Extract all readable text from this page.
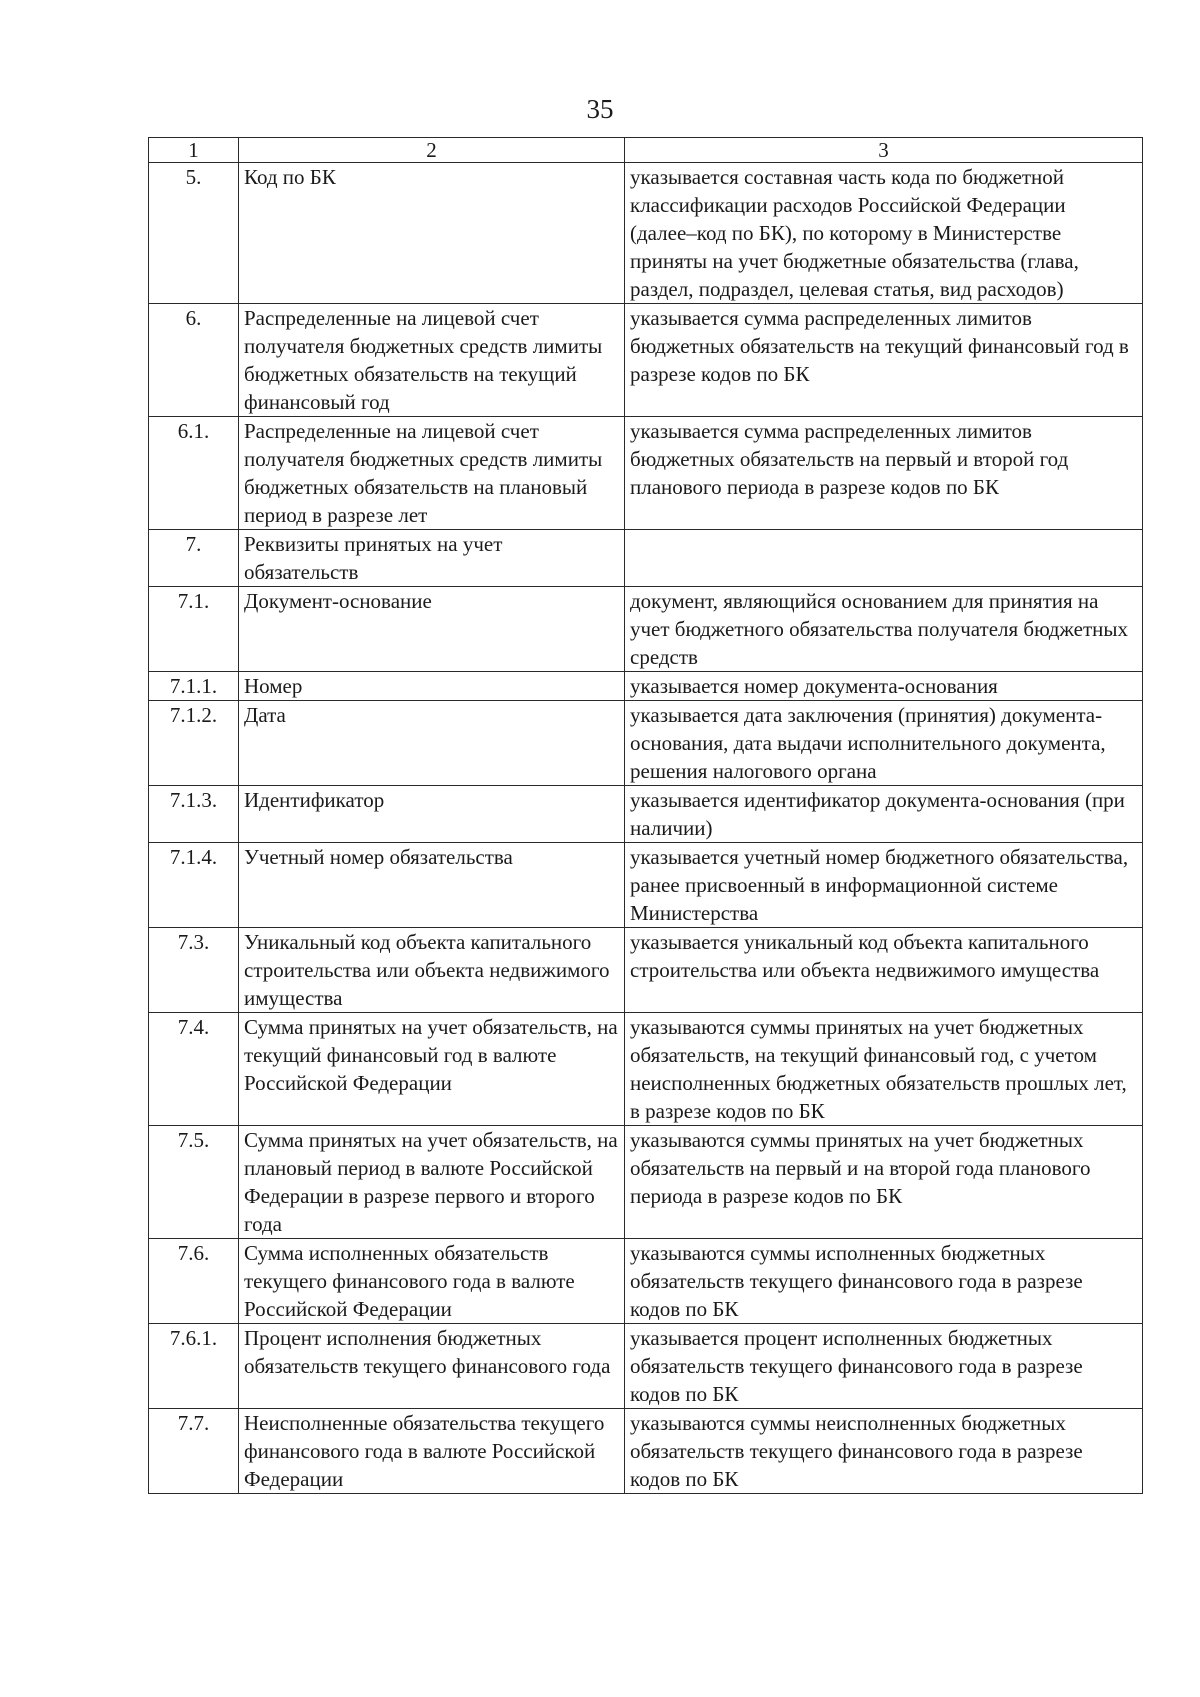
35
1	2	3
5.	Код по БК	указывается составная часть кода по бюджетной классификации расходов Российской Федерации (далее–код по БК), по которому в Министерстве приняты на учет бюджетные обязательства (глава, раздел, подраздел, целевая статья, вид расходов)
6.	Распределенные на лицевой счет получателя бюджетных средств лимиты бюджетных обязательств на текущий финансовый год	указывается сумма распределенных лимитов бюджетных обязательств на текущий финансовый год в разрезе кодов по БК
6.1.	Распределенные на лицевой счет получателя бюджетных средств лимиты бюджетных обязательств на плановый период в разрезе лет	указывается сумма распределенных лимитов бюджетных обязательств на первый и второй год планового периода в разрезе кодов по БК
7.	Реквизиты принятых на учет обязательств	
7.1.	Документ-основание	документ, являющийся основанием для принятия на учет бюджетного обязательства получателя бюджетных средств
7.1.1.	Номер	указывается номер документа-основания
7.1.2.	Дата	указывается дата заключения (принятия) документа-основания, дата выдачи исполнительного документа, решения налогового органа
7.1.3.	Идентификатор	указывается идентификатор документа-основания (при наличии)
7.1.4.	Учетный номер обязательства	указывается учетный номер бюджетного обязательства, ранее присвоенный в информационной системе Министерства
7.3.	Уникальный код объекта капитального строительства или объекта недвижимого имущества	указывается уникальный код объекта капитального строительства или объекта недвижимого имущества
7.4.	Сумма принятых на учет обязательств, на текущий финансовый год в валюте Российской Федерации	указываются суммы принятых на учет бюджетных обязательств, на текущий финансовый год, с учетом неисполненных бюджетных обязательств прошлых лет, в разрезе кодов по БК
7.5.	Сумма принятых на учет обязательств, на плановый период в валюте Российской Федерации в разрезе первого и второго года	указываются суммы принятых на учет бюджетных обязательств на первый и на второй года планового периода в разрезе кодов по БК
7.6.	Сумма исполненных обязательств текущего финансового года в валюте Российской Федерации	указываются суммы исполненных бюджетных обязательств текущего финансового года в разрезе кодов по БК
7.6.1.	Процент исполнения бюджетных обязательств текущего финансового года	указывается процент исполненных бюджетных обязательств текущего финансового года в разрезе кодов по БК
7.7.	Неисполненные обязательства текущего финансового года в валюте Российской Федерации	указываются суммы неисполненных бюджетных обязательств текущего финансового года в разрезе кодов по БК
